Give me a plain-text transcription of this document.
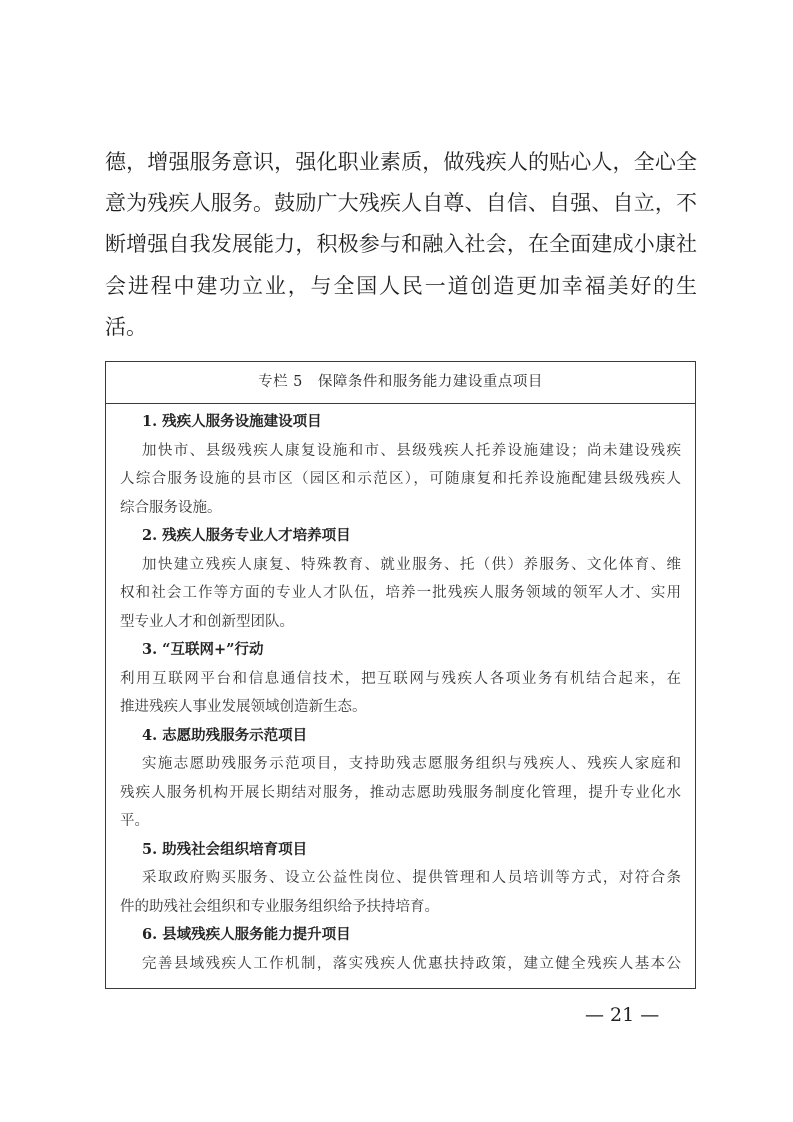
德，增强服务意识，强化职业素质，做残疾人的贴心人，全心全
意为残疾人服务。鼓励广大残疾人自尊、自信、自强、自立，不
断增强自我发展能力，积极参与和融入社会，在全面建成小康社
会进程中建功立业，与全国人民一道创造更加幸福美好的生
活。
专栏 5　保障条件和服务能力建设重点项目
1. 残疾人服务设施建设项目
加快市、县级残疾人康复设施和市、县级残疾人托养设施建设；尚未建设残疾
人综合服务设施的县市区（园区和示范区），可随康复和托养设施配建县级残疾人
综合服务设施。
2. 残疾人服务专业人才培养项目
加快建立残疾人康复、特殊教育、就业服务、托（供）养服务、文化体育、维
权和社会工作等方面的专业人才队伍，培养一批残疾人服务领域的领军人才、实用
型专业人才和创新型团队。
3. “互联网+”行动
利用互联网平台和信息通信技术，把互联网与残疾人各项业务有机结合起来，在
推进残疾人事业发展领域创造新生态。
4. 志愿助残服务示范项目
实施志愿助残服务示范项目，支持助残志愿服务组织与残疾人、残疾人家庭和
残疾人服务机构开展长期结对服务，推动志愿助残服务制度化管理，提升专业化水
平。
5. 助残社会组织培育项目
采取政府购买服务、设立公益性岗位、提供管理和人员培训等方式，对符合条
件的助残社会组织和专业服务组织给予扶持培育。
6. 县域残疾人服务能力提升项目
完善县域残疾人工作机制，落实残疾人优惠扶持政策，建立健全残疾人基本公
— 21 —
